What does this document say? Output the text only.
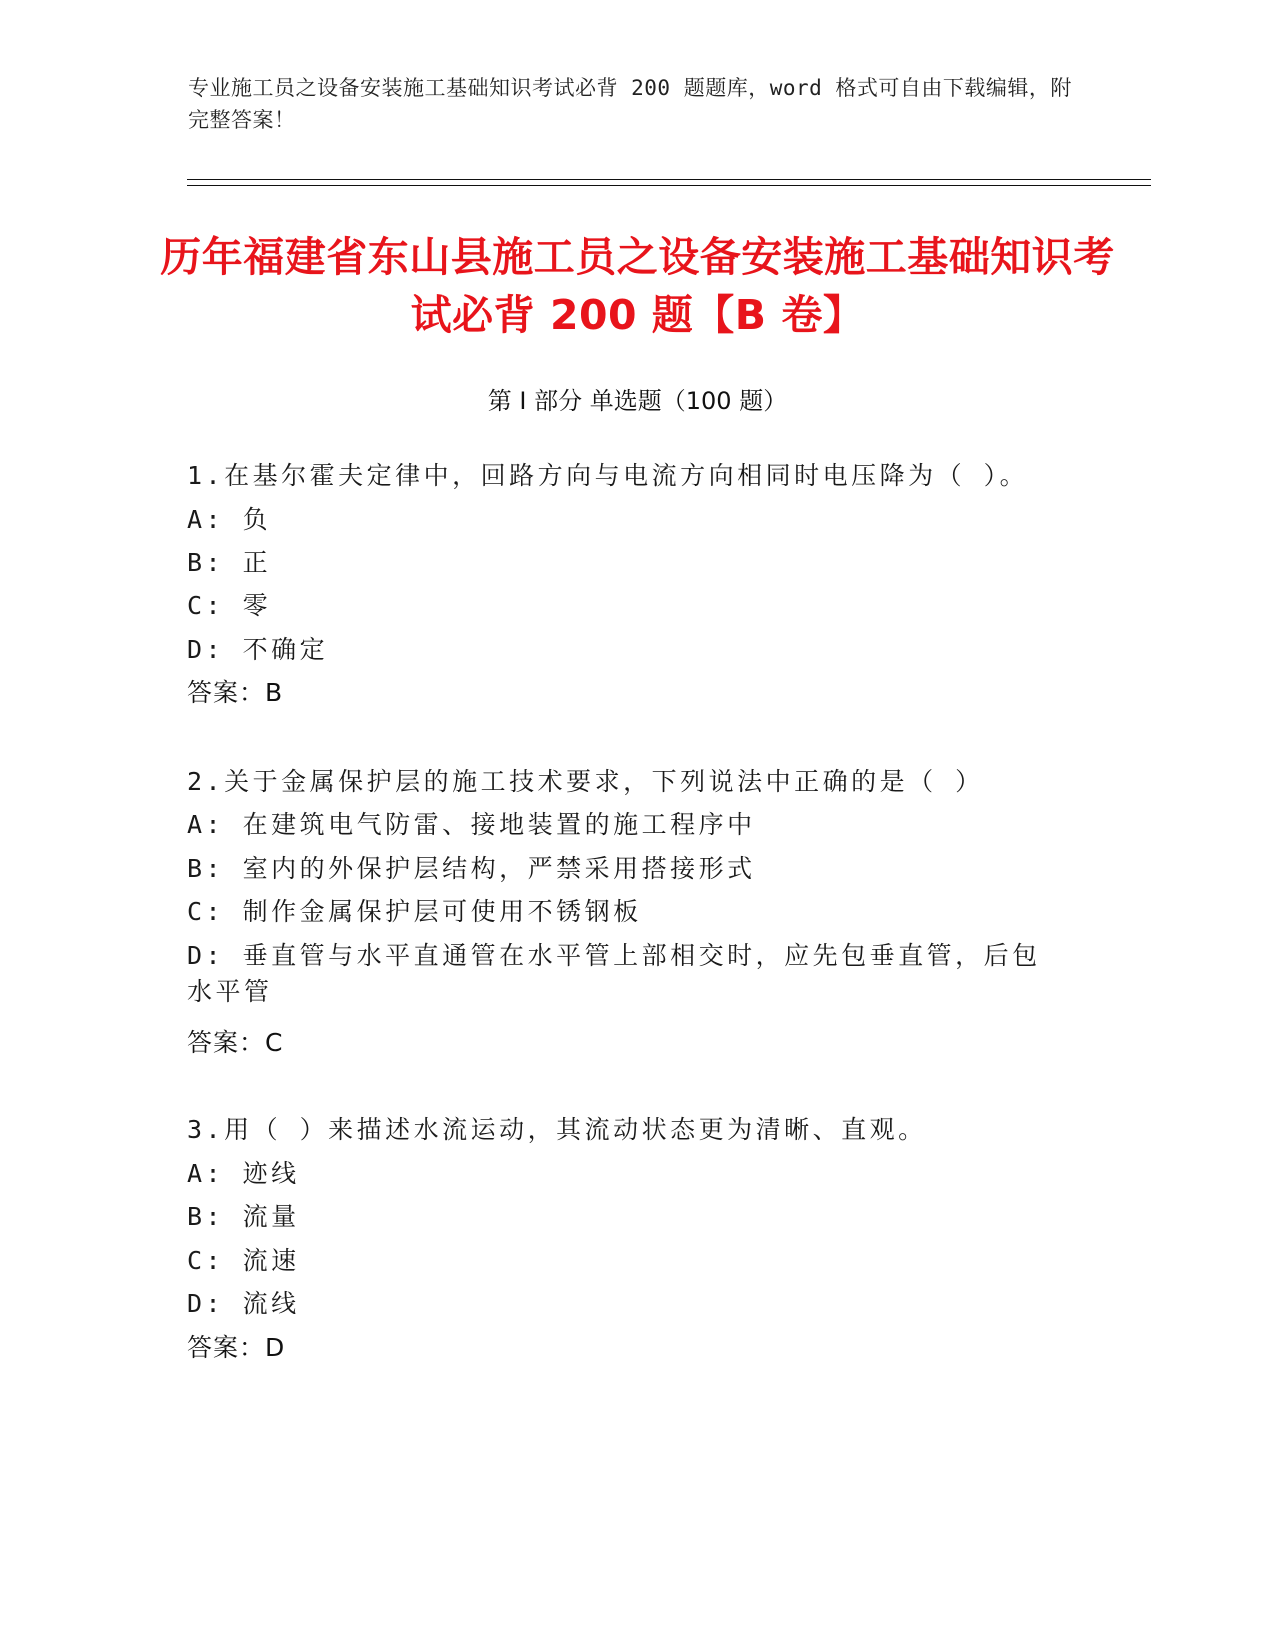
专业施工员之设备安装施工基础知识考试必背 200 题题库，word 格式可自由下载编辑，附完整答案！
历年福建省东山县施工员之设备安装施工基础知识考试必背 200 题【B 卷】
第 I 部分 单选题（100 题）
1.在基尔霍夫定律中，回路方向与电流方向相同时电压降为（ ）。
A: 负
B: 正
C: 零
D: 不确定
答案：B
2.关于金属保护层的施工技术要求，下列说法中正确的是（ ）
A: 在建筑电气防雷、接地装置的施工程序中
B: 室内的外保护层结构，严禁采用搭接形式
C: 制作金属保护层可使用不锈钢板
D: 垂直管与水平直通管在水平管上部相交时，应先包垂直管，后包水平管
答案：C
3.用（ ）来描述水流运动，其流动状态更为清晰、直观。
A: 迹线
B: 流量
C: 流速
D: 流线
答案：D
